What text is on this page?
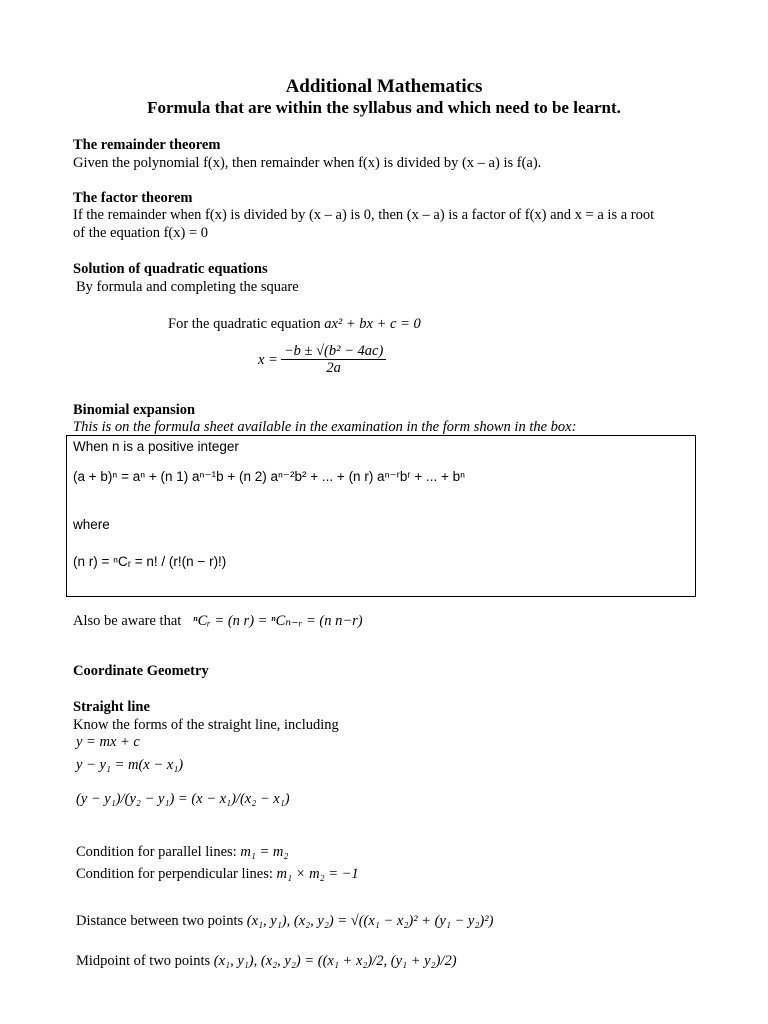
Additional Mathematics
Formula that are within the syllabus and which need to be learnt.
The remainder theorem
Given the polynomial f(x), then remainder when f(x) is divided by (x – a) is f(a).
The factor theorem
If the remainder when f(x) is divided by (x – a) is 0, then (x – a) is a factor of f(x) and x = a is a root
of the equation f(x) = 0
Solution of quadratic equations
By formula and completing the square
For the quadratic equation ax² + bx + c = 0
$x = \frac{\text{−b ± √(b² − 4ac)}}{2a}$
Binomial expansion
This is on the formula sheet available in the examination in the form shown in the box:
When n is a positive integer
(a + b)ⁿ = aⁿ + (n 1) aⁿ⁻¹b + (n 2) aⁿ⁻²b² + ... + (n r) aⁿ⁻ʳbʳ + ... + bⁿ
where
(n r) = ⁿCᵣ = n! / (r!(n − r)!)
Also be aware that ⁿCᵣ = (n r) = ⁿCₙ₋ᵣ = (n n−r)
Coordinate Geometry
Straight line
Know the forms of the straight line, including
y = mx + c
y − y₁ = m(x − x₁)
(y − y₁)/(y₂ − y₁) = (x − x₁)/(x₂ − x₁)
Condition for parallel lines: m₁ = m₂
Condition for perpendicular lines: m₁ × m₂ = −1
Distance between two points (x₁, y₁), (x₂, y₂) = √((x₁ − x₂)² + (y₁ − y₂)²)
Midpoint of two points (x₁, y₁), (x₂, y₂) = ((x₁ + x₂)/2, (y₁ + y₂)/2)
